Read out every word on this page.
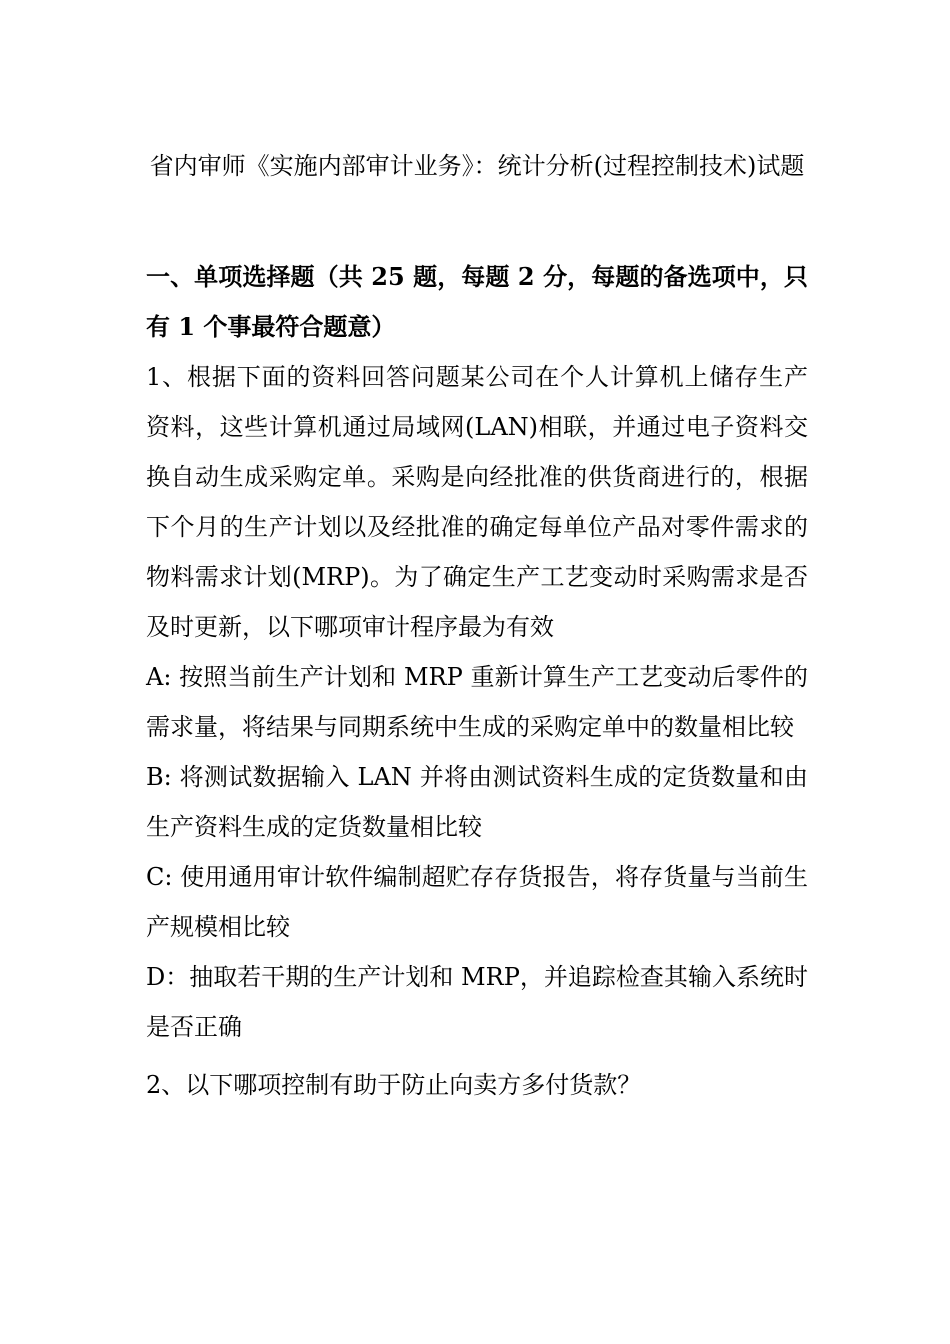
省内审师《实施内部审计业务》：统计分析(过程控制技术)试题
一、单项选择题（共 25 题，每题 2 分，每题的备选项中，只有 1 个事最符合题意）

1、根据下面的资料回答问题某公司在个人计算机上储存生产资料，这些计算机通过局域网(LAN)相联，并通过电子资料交换自动生成采购定单。采购是向经批准的供货商进行的，根据下个月的生产计划以及经批准的确定每单位产品对零件需求的物料需求计划(MRP)。为了确定生产工艺变动时采购需求是否及时更新，以下哪项审计程序最为有效

A: 按照当前生产计划和 MRP 重新计算生产工艺变动后零件的需求量，将结果与同期系统中生成的采购定单中的数量相比较

B: 将测试数据输入 LAN 并将由测试资料生成的定货数量和由生产资料生成的定货数量相比较

C: 使用通用审计软件编制超贮存存货报告，将存货量与当前生产规模相比较

D：抽取若干期的生产计划和 MRP，并追踪检查其输入系统时是否正确

2、以下哪项控制有助于防止向卖方多付货款？
